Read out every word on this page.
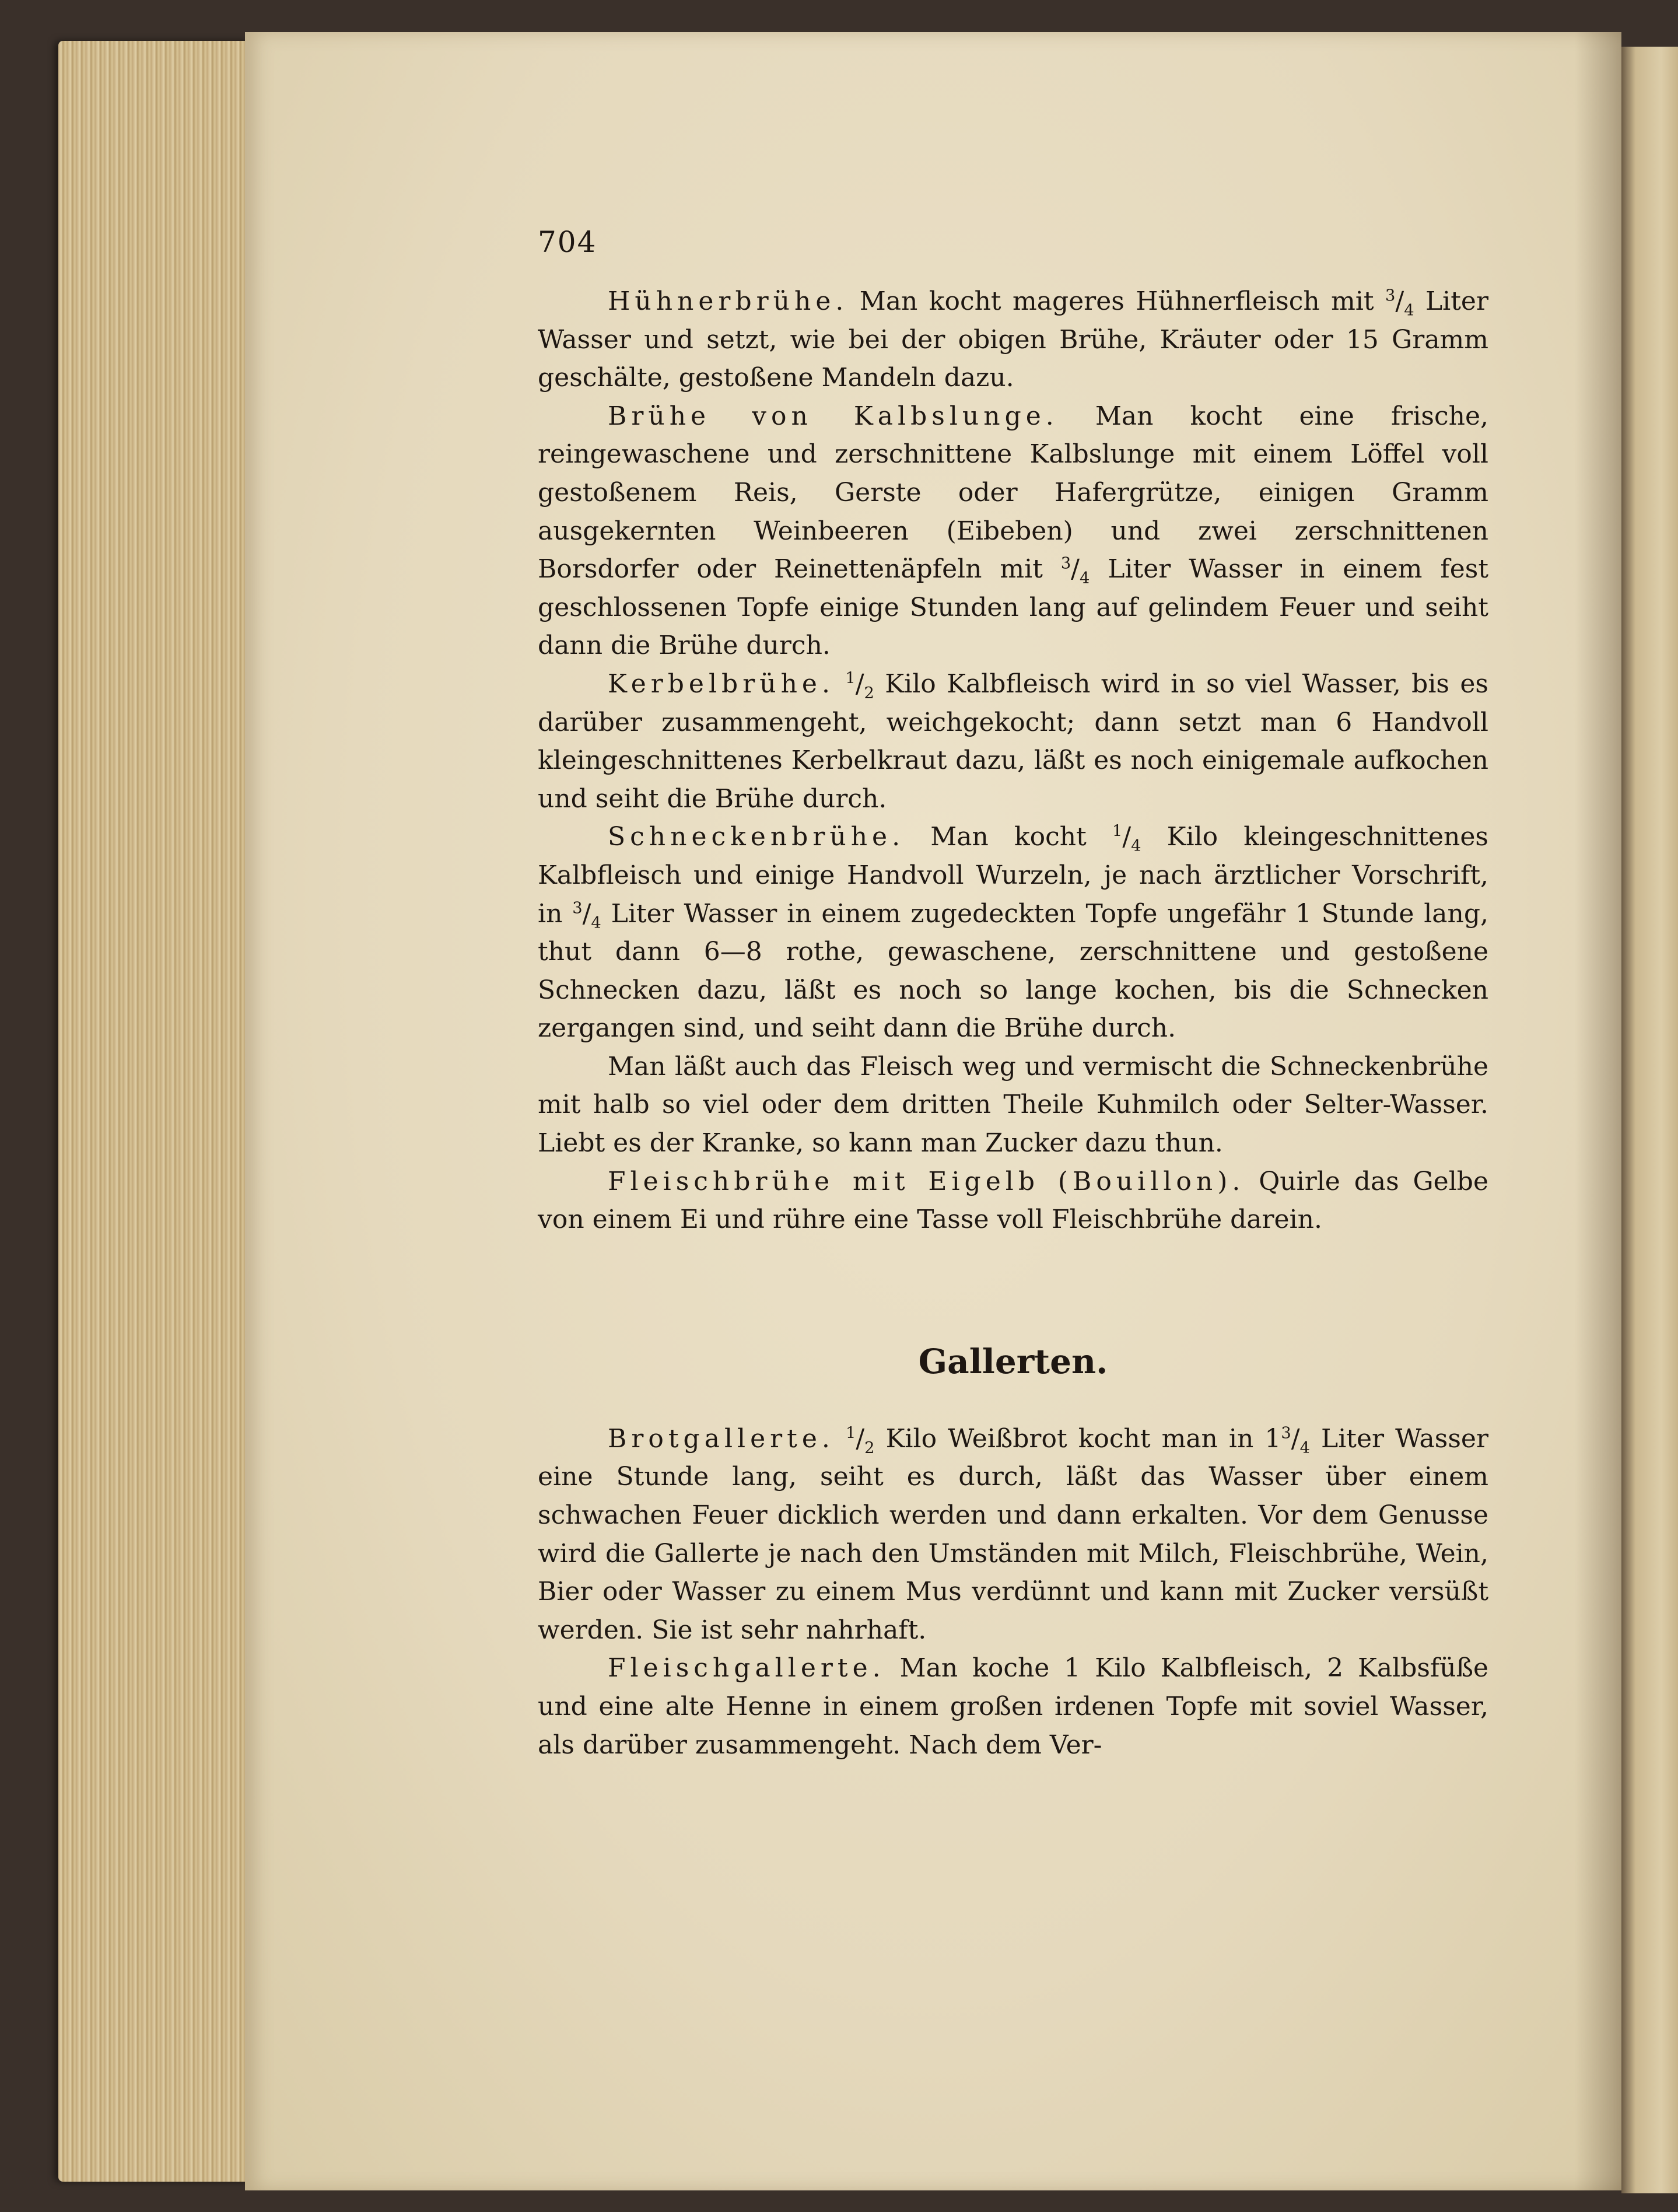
704

Hühnerbrühe. Man kocht mageres Hühnerfleisch mit $^3/_4$ Liter Wasser und setzt, wie bei der obigen Brühe, Kräuter oder 15 Gramm geschälte, gestoßene Mandeln dazu.

Brühe von Kalbslunge. Man kocht eine frische, reingewaschene und zerschnittene Kalbslunge mit einem Löffel voll gestoßenem Reis, Gerste oder Hafergrütze, einigen Gramm ausgekernten Weinbeeren (Eibeben) und zwei zerschnittenen Borsdorfer oder Reinettenäpfeln mit $^3/_4$ Liter Wasser in einem fest geschlossenen Topfe einige Stunden lang auf gelindem Feuer und seiht dann die Brühe durch.

Kerbelbrühe. $^1/_2$ Kilo Kalbfleisch wird in so viel Wasser, bis es darüber zusammengeht, weichgekocht; dann setzt man 6 Handvoll kleingeschnittenes Kerbelkraut dazu, läßt es noch einigemale aufkochen und seiht die Brühe durch.

Schneckenbrühe. Man kocht $^1/_4$ Kilo kleingeschnittenes Kalbfleisch und einige Handvoll Wurzeln, je nach ärztlicher Vorschrift, in $^3/_4$ Liter Wasser in einem zugedeckten Topfe ungefähr 1 Stunde lang, thut dann 6—8 rothe, gewaschene, zerschnittene und gestoßene Schnecken dazu, läßt es noch so lange kochen, bis die Schnecken zergangen sind, und seiht dann die Brühe durch.

Man läßt auch das Fleisch weg und vermischt die Schneckenbrühe mit halb so viel oder dem dritten Theile Kuhmilch oder Selter-Wasser. Liebt es der Kranke, so kann man Zucker dazu thun.

Fleischbrühe mit Eigelb (Bouillon). Quirle das Gelbe von einem Ei und rühre eine Tasse voll Fleischbrühe darein.

Gallerten.

Brotgallerte. $^1/_2$ Kilo Weißbrot kocht man in $1^3/_4$ Liter Wasser eine Stunde lang, seiht es durch, läßt das Wasser über einem schwachen Feuer dicklich werden und dann erkalten. Vor dem Genusse wird die Gallerte je nach den Umständen mit Milch, Fleischbrühe, Wein, Bier oder Wasser zu einem Mus verdünnt und kann mit Zucker versüßt werden. Sie ist sehr nahrhaft.

Fleischgallerte. Man koche 1 Kilo Kalbfleisch, 2 Kalbsfüße und eine alte Henne in einem großen irdenen Topfe mit soviel Wasser, als darüber zusammengeht. Nach dem Ver-
